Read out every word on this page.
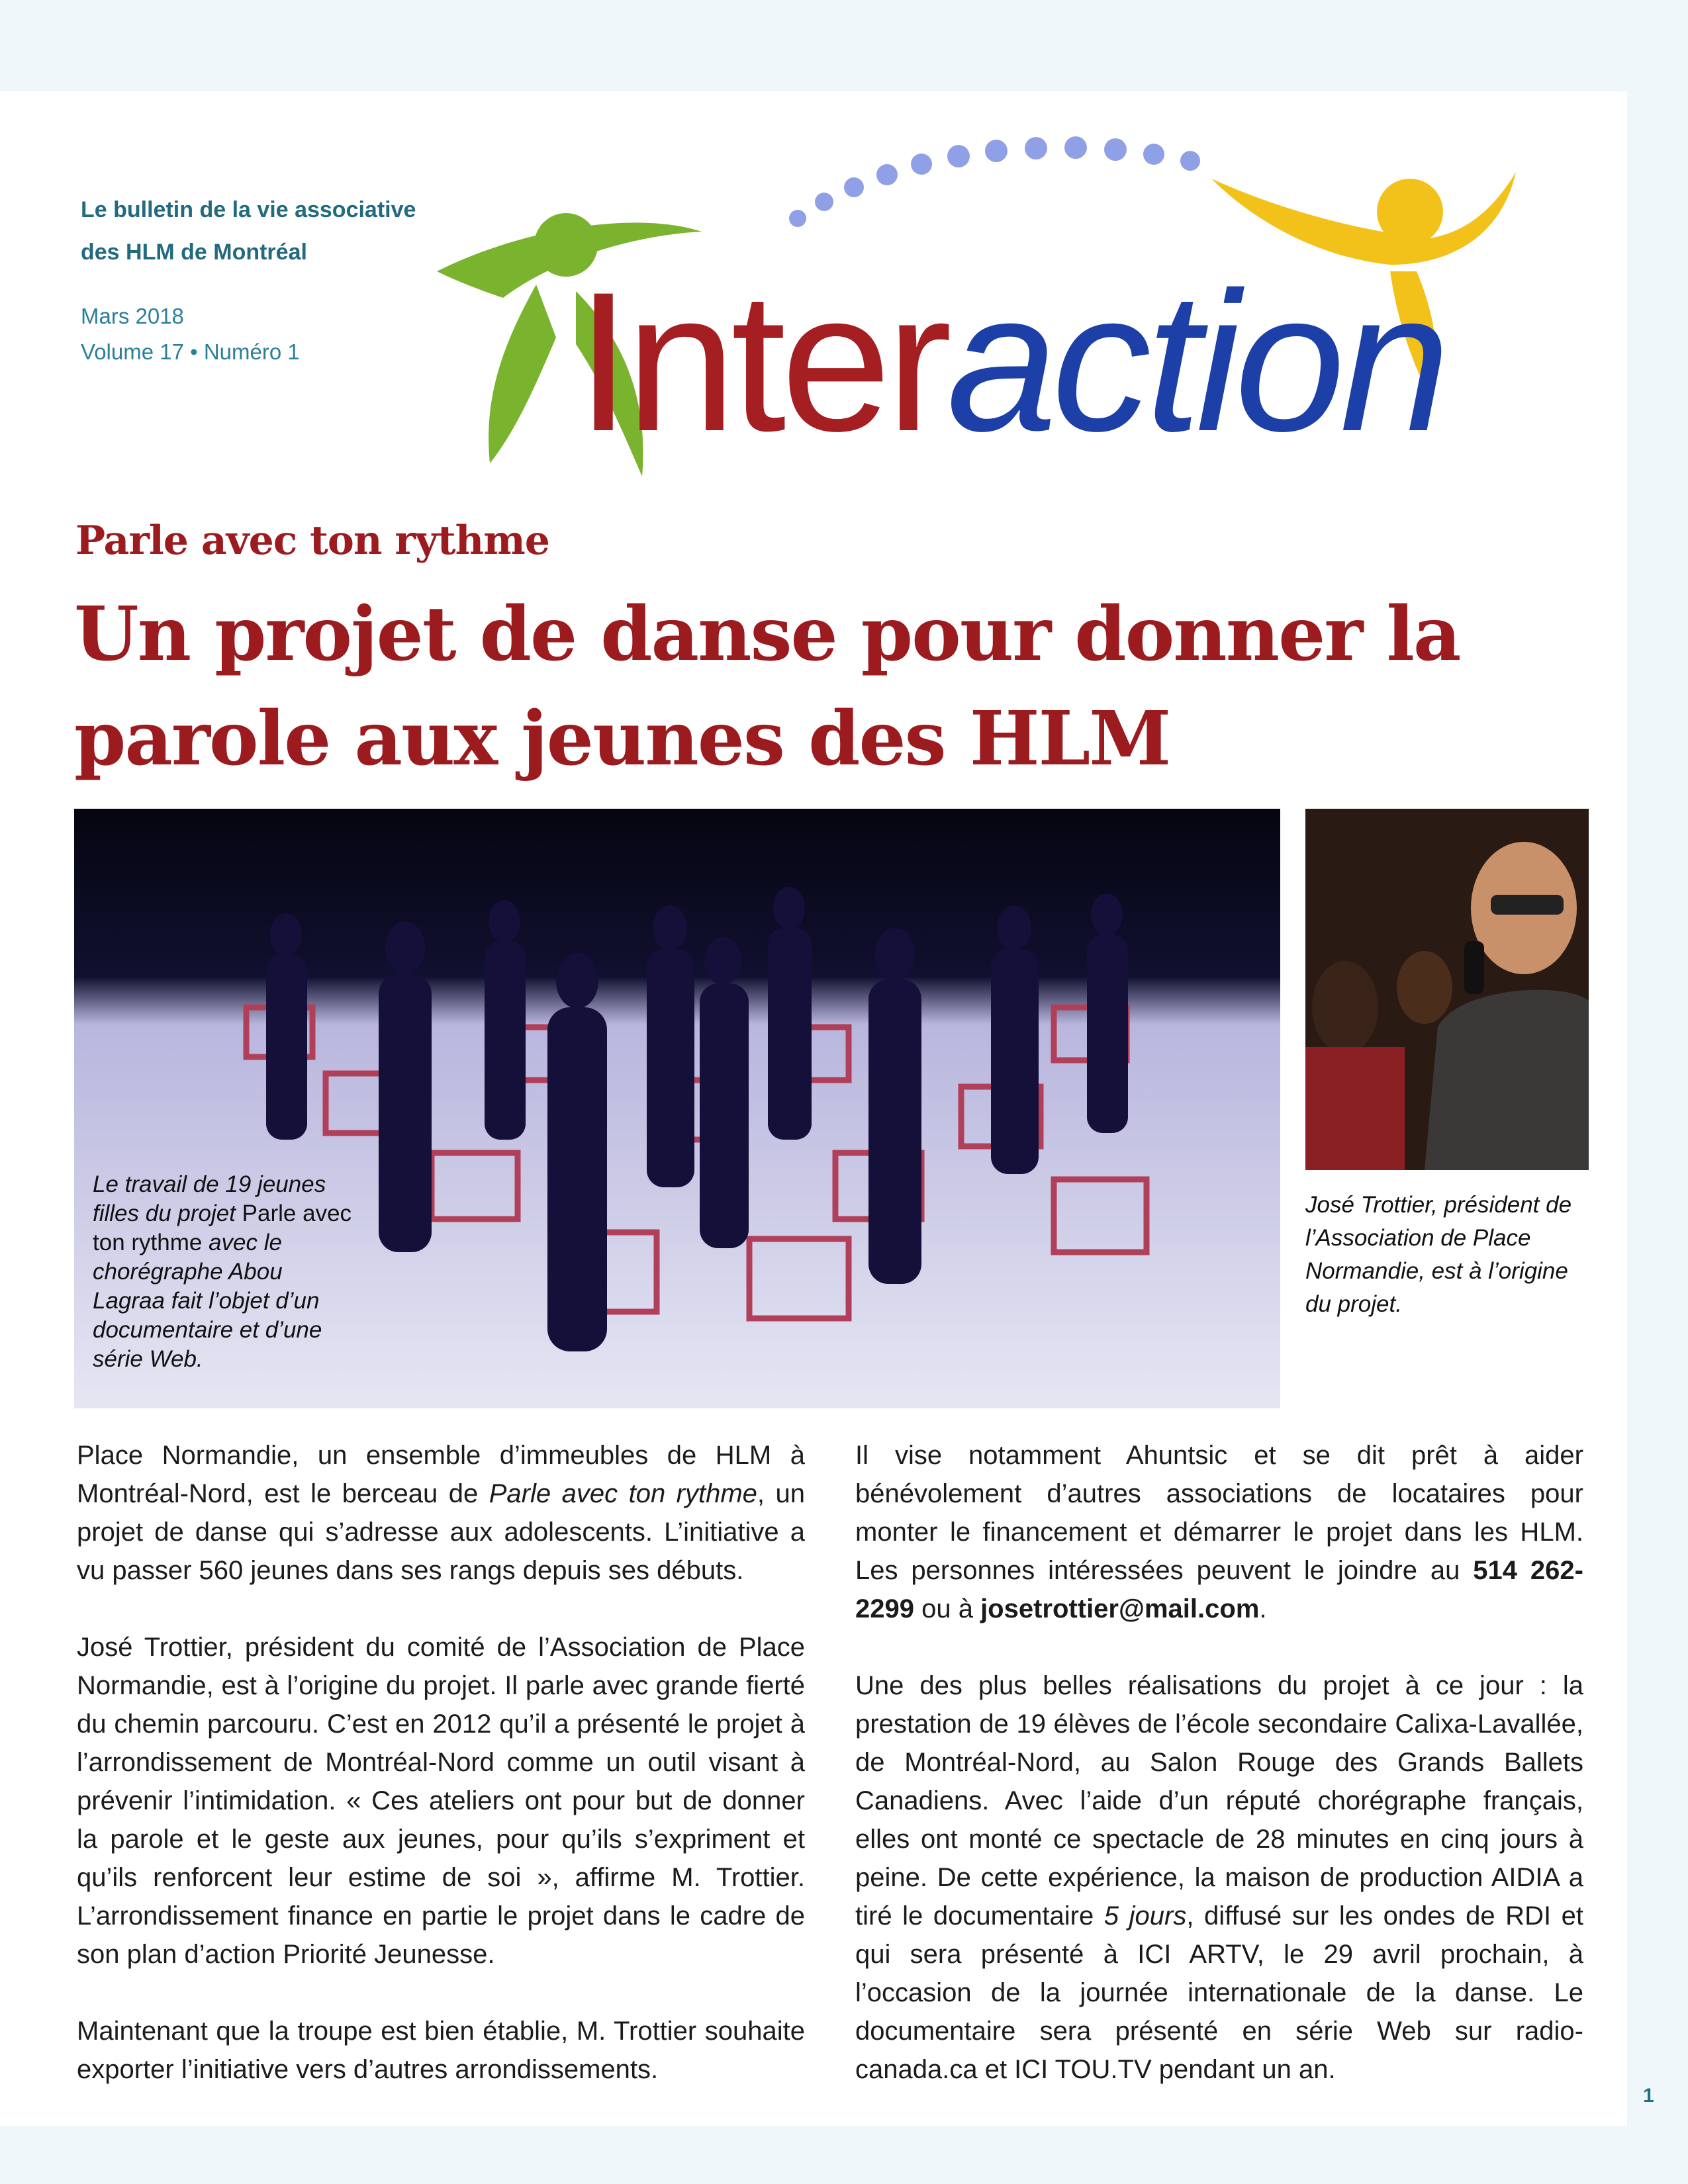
Le bulletin de la vie associative
des HLM de Montréal
Mars 2018
Volume 17 • Numéro 1	Interaction
Parle avec ton rythme
Un projet de danse pour donner la parole aux jeunes des HLM
Le travail de 19 jeunes filles du projet Parle avec ton rythme avec le chorégraphe Abou Lagraa fait l’objet d’un documentaire et d’une série Web.
José Trottier, président de l’Association de Place Normandie, est à l’origine du projet.

Place Normandie, un ensemble d’immeubles de HLM à Montréal-Nord, est le berceau de Parle avec ton rythme, un projet de danse qui s’adresse aux adolescents. L’initiative a vu passer 560 jeunes dans ses rangs depuis ses débuts.

José Trottier, président du comité de l’Association de Place Normandie, est à l’origine du projet. Il parle avec grande fierté du chemin parcouru. C’est en 2012 qu’il a présenté le projet à l’arrondissement de Montréal-Nord comme un outil visant à prévenir l’intimidation. « Ces ateliers ont pour but de donner la parole et le geste aux jeunes, pour qu’ils s’expriment et qu’ils renforcent leur estime de soi », affirme M. Trottier. L’arrondissement finance en partie le projet dans le cadre de son plan d’action Priorité Jeunesse.

Maintenant que la troupe est bien établie, M. Trottier souhaite exporter l’initiative vers d’autres arrondissements.

Il vise notamment Ahuntsic et se dit prêt à aider bénévolement d’autres associations de locataires pour monter le financement et démarrer le projet dans les HLM. Les personnes intéressées peuvent le joindre au 514 262-2299 ou à josetrottier@mail.com.

Une des plus belles réalisations du projet à ce jour : la prestation de 19 élèves de l’école secondaire Calixa-Lavallée, de Montréal-Nord, au Salon Rouge des Grands Ballets Canadiens. Avec l’aide d’un réputé chorégraphe français, elles ont monté ce spectacle de 28 minutes en cinq jours à peine. De cette expérience, la maison de production AIDIA a tiré le documentaire 5 jours, diffusé sur les ondes de RDI et qui sera présenté à ICI ARTV, le 29 avril prochain, à l’occasion de la journée internationale de la danse. Le documentaire sera présenté en série Web sur radio-canada.ca et ICI TOU.TV pendant un an.

1
